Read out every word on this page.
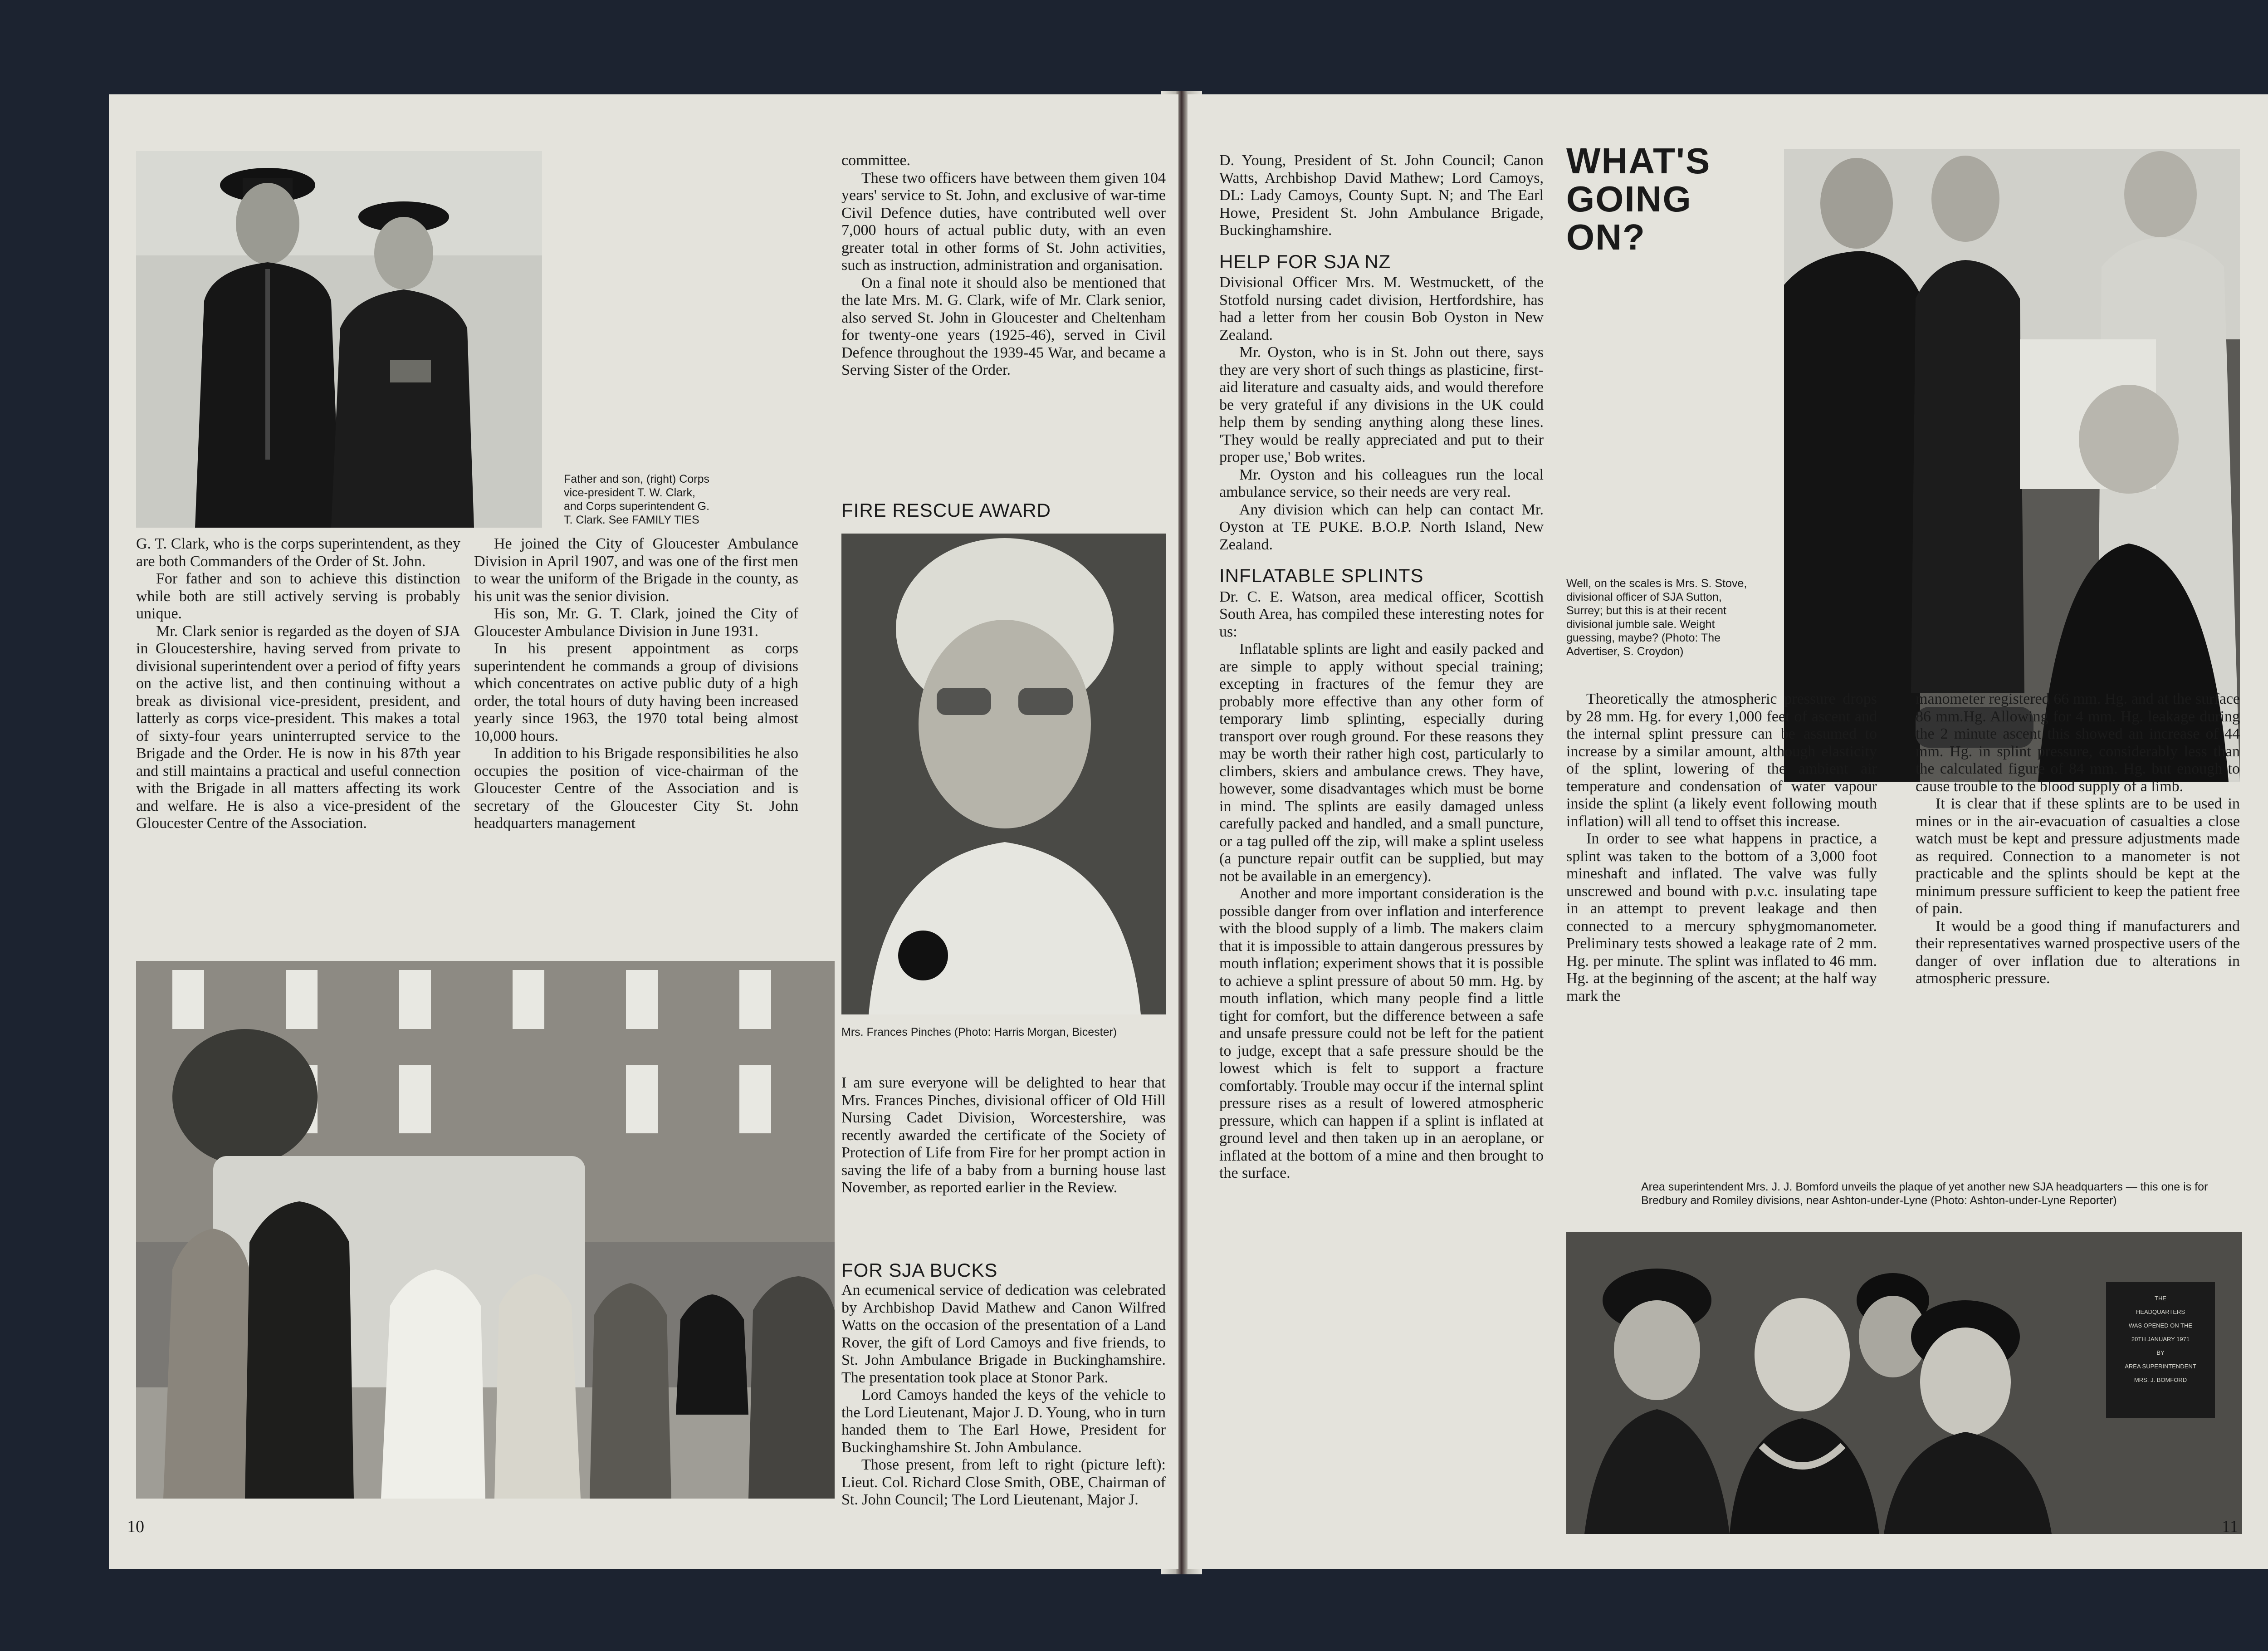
Father and son, (right) Corps vice-president T. W. Clark, and Corps superintendent G. T. Clark. See FAMILY TIES

G. T. Clark, who is the corps superintendent, as they are both Commanders of the Order of St. John.

For father and son to achieve this distinction while both are still actively serving is probably unique.

Mr. Clark senior is regarded as the doyen of SJA in Gloucestershire, having served from private to divisional superintendent over a period of fifty years on the active list, and then continuing without a break as divisional vice-president, president, and latterly as corps vice-president. This makes a total of sixty-four years uninterrupted service to the Brigade and the Order. He is now in his 87th year and still maintains a practical and useful connection with the Brigade in all matters affecting its work and welfare. He is also a vice-president of the Gloucester Centre of the Association.

He joined the City of Gloucester Ambulance Division in April 1907, and was one of the first men to wear the uniform of the Brigade in the county, as his unit was the senior division.

His son, Mr. G. T. Clark, joined the City of Gloucester Ambulance Division in June 1931.

In his present appointment as corps superintendent he commands a group of divisions which concentrates on active public duty of a high order, the total hours of duty having been increased yearly since 1963, the 1970 total being almost 10,000 hours.

In addition to his Brigade responsibilities he also occupies the position of vice-chairman of the Gloucester Centre of the Association and is secretary of the Gloucester City St. John headquarters management

committee.

These two officers have between them given 104 years' service to St. John, and exclusive of war-time Civil Defence duties, have contributed well over 7,000 hours of actual public duty, with an even greater total in other forms of St. John activities, such as instruction, administration and organisation.

On a final note it should also be mentioned that the late Mrs. M. G. Clark, wife of Mr. Clark senior, also served St. John in Gloucester and Cheltenham for twenty-one years (1925-46), served in Civil Defence throughout the 1939-45 War, and became a Serving Sister of the Order.

FIRE RESCUE AWARD
Mrs. Frances Pinches (Photo: Harris Morgan, Bicester)

I am sure everyone will be delighted to hear that Mrs. Frances Pinches, divisional officer of Old Hill Nursing Cadet Division, Worcestershire, was recently awarded the certificate of the Society of Protection of Life from Fire for her prompt action in saving the life of a baby from a burning house last November, as reported earlier in the Review.

FOR SJA BUCKS

An ecumenical service of dedication was celebrated by Archbishop David Mathew and Canon Wilfred Watts on the occasion of the presentation of a Land Rover, the gift of Lord Camoys and five friends, to St. John Ambulance Brigade in Buckinghamshire. The presentation took place at Stonor Park.

Lord Camoys handed the keys of the vehicle to the Lord Lieutenant, Major J. D. Young, who in turn handed them to The Earl Howe, President for Buckinghamshire St. John Ambulance.

Those present, from left to right (picture left): Lieut. Col. Richard Close Smith, OBE, Chairman of St. John Council; The Lord Lieutenant, Major J.

10

D. Young, President of St. John Council; Canon Watts, Archbishop David Mathew; Lord Camoys, DL: Lady Camoys, County Supt. N; and The Earl Howe, President St. John Ambulance Brigade, Buckinghamshire.

HELP FOR SJA NZ

Divisional Officer Mrs. M. Westmuckett, of the Stotfold nursing cadet division, Hertfordshire, has had a letter from her cousin Bob Oyston in New Zealand.

Mr. Oyston, who is in St. John out there, says they are very short of such things as plasticine, first-aid literature and casualty aids, and would therefore be very grateful if any divisions in the UK could help them by sending anything along these lines. 'They would be really appreciated and put to their proper use,' Bob writes.

Mr. Oyston and his colleagues run the local ambulance service, so their needs are very real.

Any division which can help can contact Mr. Oyston at TE PUKE. B.O.P. North Island, New Zealand.

INFLATABLE SPLINTS

Dr. C. E. Watson, area medical officer, Scottish South Area, has compiled these interesting notes for us:

Inflatable splints are light and easily packed and are simple to apply without special training; excepting in fractures of the femur they are probably more effective than any other form of temporary limb splinting, especially during transport over rough ground. For these reasons they may be worth their rather high cost, particularly to climbers, skiers and ambulance crews. They have, however, some disadvantages which must be borne in mind. The splints are easily damaged unless carefully packed and handled, and a small puncture, or a tag pulled off the zip, will make a splint useless (a puncture repair outfit can be supplied, but may not be available in an emergency).

Another and more important consideration is the possible danger from over inflation and interference with the blood supply of a limb. The makers claim that it is impossible to attain dangerous pressures by mouth inflation; experiment shows that it is possible to achieve a splint pressure of about 50 mm. Hg. by mouth inflation, which many people find a little tight for comfort, but the difference between a safe and unsafe pressure could not be left for the patient to judge, except that a safe pressure should be the lowest which is felt to support a fracture comfortably. Trouble may occur if the internal splint pressure rises as a result of lowered atmospheric pressure, which can happen if a splint is inflated at ground level and then taken up in an aeroplane, or inflated at the bottom of a mine and then brought to the surface.

WHAT'S
GOING
ON?
Well, on the scales is Mrs. S. Stove, divisional officer of SJA Sutton, Surrey; but this is at their recent divisional jumble sale. Weight guessing, maybe? (Photo: The Advertiser, S. Croydon)

Theoretically the atmospheric pressure drops by 28 mm. Hg. for every 1,000 feet of ascent and the internal splint pressure can be assumed to increase by a similar amount, although elasticity of the splint, lowering of the ambient air temperature and condensation of water vapour inside the splint (a likely event following mouth inflation) will all tend to offset this increase.

In order to see what happens in practice, a splint was taken to the bottom of a 3,000 foot mineshaft and inflated. The valve was fully unscrewed and bound with p.v.c. insulating tape in an attempt to prevent leakage and then connected to a mercury sphygmomanometer. Preliminary tests showed a leakage rate of 2 mm. Hg. per minute. The splint was inflated to 46 mm. Hg. at the beginning of the ascent; at the half way mark the

manometer registered 66 mm. Hg. and at the surface 86 mm.Hg. Allowing for 4 mm. Hg. leakage during the 2 minute ascent this showed an increase of 44 mm. Hg. in splint pressure, considerably less than the calculated figure of 84 mm. Hg. but enough to cause trouble to the blood supply of a limb.

It is clear that if these splints are to be used in mines or in the air-evacuation of casualties a close watch must be kept and pressure adjustments made as required. Connection to a manometer is not practicable and the splints should be kept at the minimum pressure sufficient to keep the patient free of pain.

It would be a good thing if manufacturers and their representatives warned prospective users of the danger of over inflation due to alterations in atmospheric pressure.

Area superintendent Mrs. J. J. Bomford unveils the plaque of yet another new SJA headquarters — this one is for Bredbury and Romiley divisions, near Ashton-under-Lyne (Photo: Ashton-under-Lyne Reporter)
THE
HEADQUARTERS
WAS OPENED ON THE
20TH JANUARY 1971
BY
AREA SUPERINTENDENT
MRS. J. BOMFORD
11
